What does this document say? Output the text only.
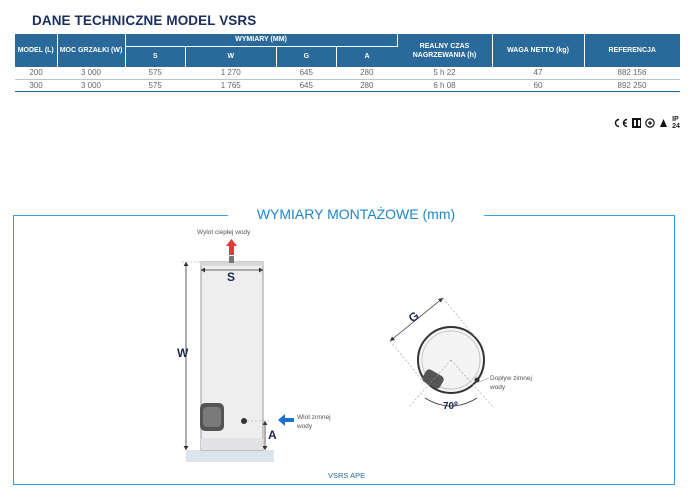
DANE TECHNICZNE MODEL VSRS
MODEL (L)	MOC GRZAŁKI (W)	WYMIARY (MM)				REALNY CZAS NAGRZEWANIA (h)	WAGA NETTO (kg)	REFERENCJA
		S	W	G	A			
200	3 000	575	1 270	645	280	5 h 22	47	882 156
300	3 000	575	1 765	645	280	6 h 08	60	892 250
IP 24
WYMIARY MONTAŻOWE (mm)
Wylot ciepłej wody
Wlot zimnej wody
Dopływ zimnej wody
S
W
A
G
70º
VSRS APE
